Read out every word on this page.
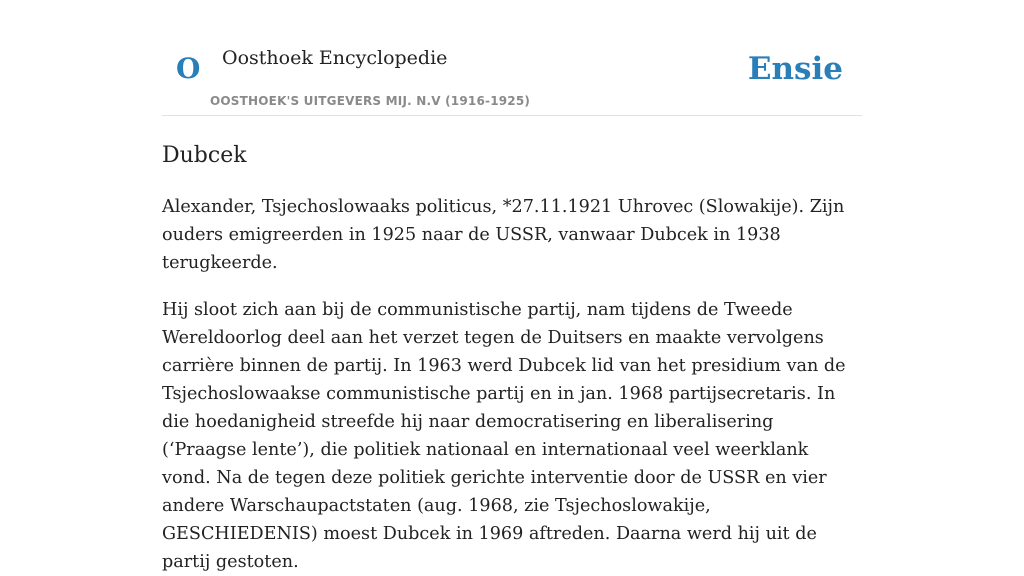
O Oosthoek Encyclopedie
OOSTHOEK'S UITGEVERS MIJ. N.V (1916-1925)
Ensie
Dubcek

Alexander, Tsjechoslowaaks politicus, *27.11.1921 Uhrovec (Slowakije). Zijn ouders emigreerden in 1925 naar de USSR, vanwaar Dubcek in 1938 terugkeerde.

Hij sloot zich aan bij de communistische partij, nam tijdens de Tweede Wereldoorlog deel aan het verzet tegen de Duitsers en maakte vervolgens carrière binnen de partij. In 1963 werd Dubcek lid van het presidium van de Tsjechoslowaakse communistische partij en in jan. 1968 partijsecretaris. In die hoedanigheid streefde hij naar democratisering en liberalisering (‘Praagse lente’), die politiek nationaal en internationaal veel weerklank vond. Na de tegen deze politiek gerichte interventie door de USSR en vier andere Warschaupactstaten (aug. 1968, zie Tsjechoslowakije, GESCHIEDENIS) moest Dubcek in 1969 aftreden. Daarna werd hij uit de partij gestoten.
